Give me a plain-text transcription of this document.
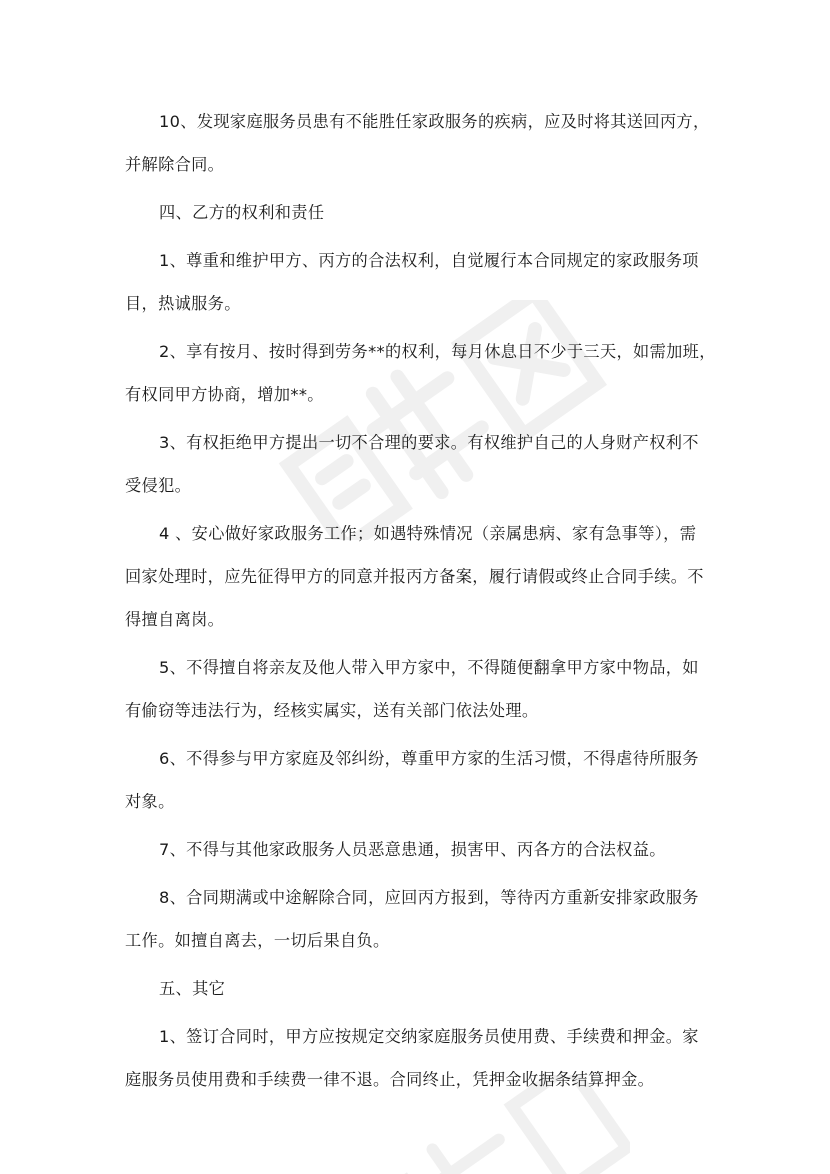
10、发现家庭服务员患有不能胜任家政服务的疾病，应及时将其送回丙方，
并解除合同。
四、乙方的权利和责任
1、尊重和维护甲方、丙方的合法权利，自觉履行本合同规定的家政服务项
目，热诚服务。
2、享有按月、按时得到劳务**的权利，每月休息日不少于三天，如需加班，
有权同甲方协商，增加**。
3、有权拒绝甲方提出一切不合理的要求。有权维护自己的人身财产权利不
受侵犯。
4 、安心做好家政服务工作；如遇特殊情况（亲属患病、家有急事等），需
回家处理时，应先征得甲方的同意并报丙方备案，履行请假或终止合同手续。不
得擅自离岗。
5、不得擅自将亲友及他人带入甲方家中，不得随便翻拿甲方家中物品，如
有偷窃等违法行为，经核实属实，送有关部门依法处理。
6、不得参与甲方家庭及邻纠纷，尊重甲方家的生活习惯，不得虐待所服务
对象。
7、不得与其他家政服务人员恶意患通，损害甲、丙各方的合法权益。
8、合同期满或中途解除合同，应回丙方报到，等待丙方重新安排家政服务
工作。如擅自离去，一切后果自负。
五、其它
1、签订合同时，甲方应按规定交纳家庭服务员使用费、手续费和押金。家
庭服务员使用费和手续费一律不退。合同终止，凭押金收据条结算押金。
